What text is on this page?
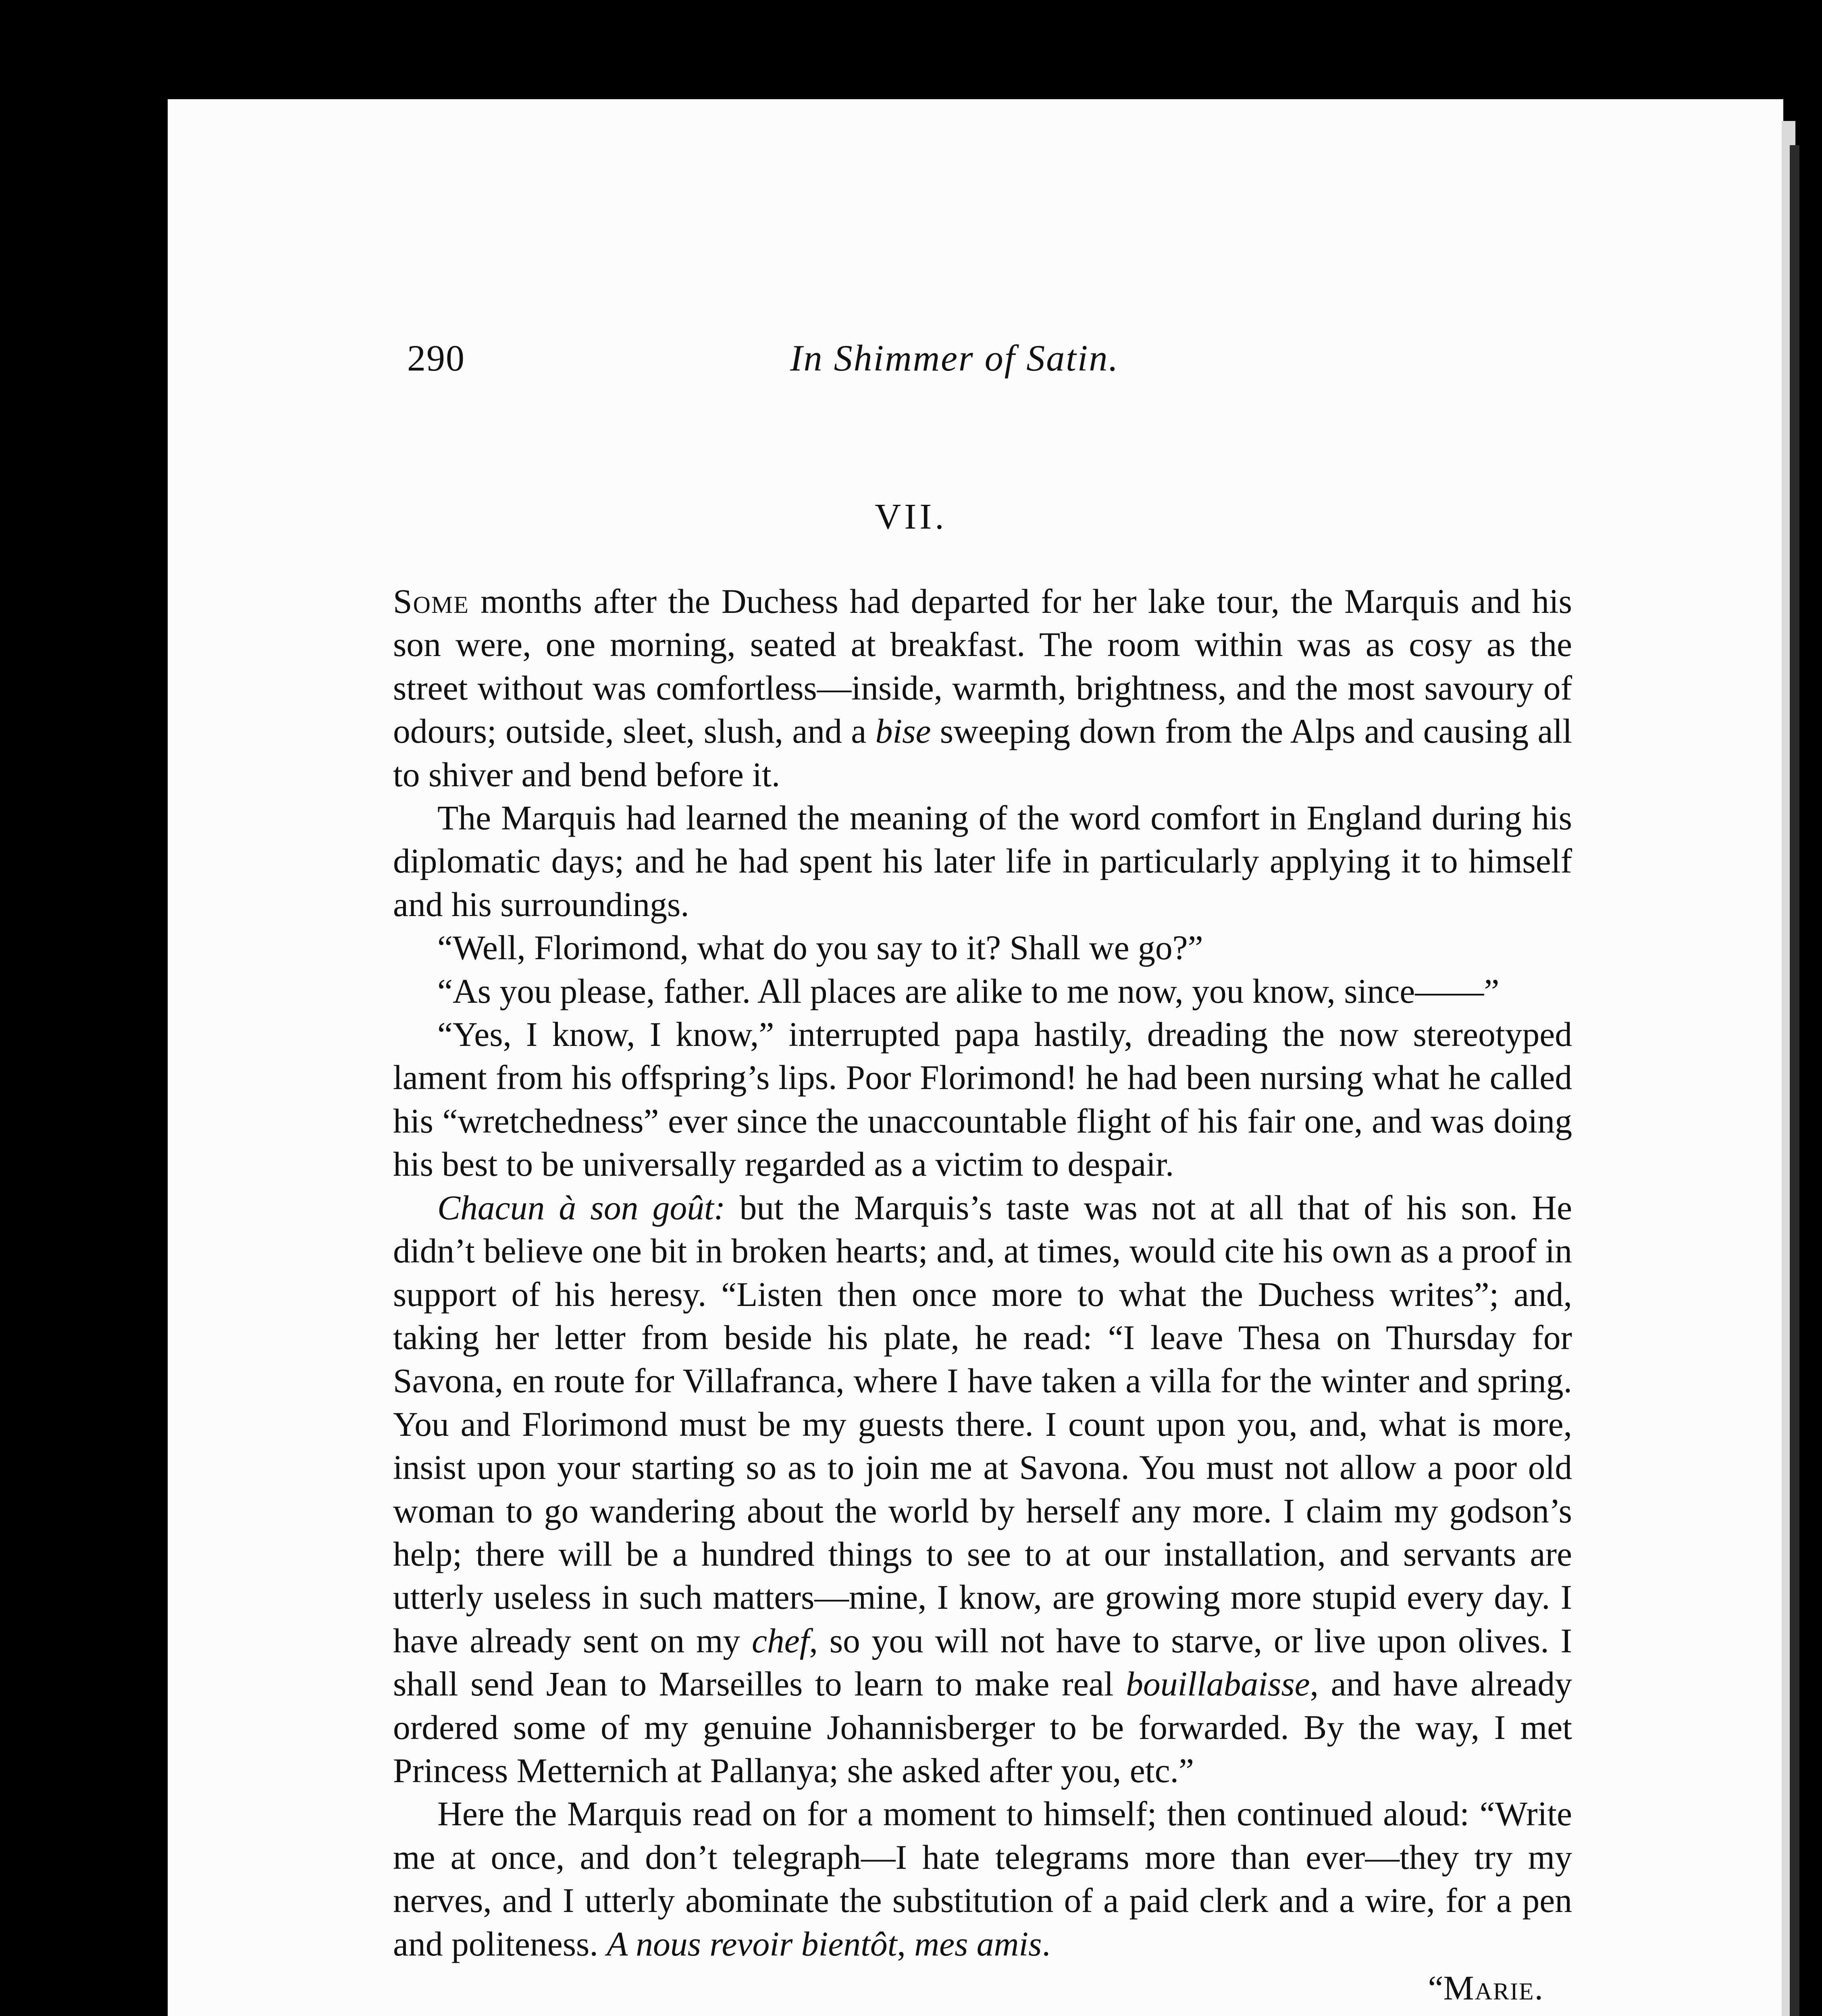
290	In Shimmer of Satin.
VII.

Some months after the Duchess had departed for her lake tour, the Marquis and his son were, one morning, seated at breakfast. The room within was as cosy as the street without was comfortless—inside, warmth, brightness, and the most savoury of odours; outside, sleet, slush, and a bise sweeping down from the Alps and causing all to shiver and bend before it.

The Marquis had learned the meaning of the word comfort in England during his diplomatic days; and he had spent his later life in particularly applying it to himself and his surroundings.

“Well, Florimond, what do you say to it? Shall we go?”

“As you please, father. All places are alike to me now, you know, since——”

“Yes, I know, I know,” interrupted papa hastily, dreading the now stereotyped lament from his offspring’s lips. Poor Florimond! he had been nursing what he called his “wretchedness” ever since the unaccountable flight of his fair one, and was doing his best to be universally regarded as a victim to despair.

Chacun à son goût: but the Marquis’s taste was not at all that of his son. He didn’t believe one bit in broken hearts; and, at times, would cite his own as a proof in support of his heresy. “Listen then once more to what the Duchess writes”; and, taking her letter from beside his plate, he read: “I leave Thesa on Thursday for Savona, en route for Villafranca, where I have taken a villa for the winter and spring. You and Florimond must be my guests there. I count upon you, and, what is more, insist upon your starting so as to join me at Savona. You must not allow a poor old woman to go wandering about the world by herself any more. I claim my godson’s help; there will be a hundred things to see to at our installation, and servants are utterly useless in such matters—mine, I know, are growing more stupid every day. I have already sent on my chef, so you will not have to starve, or live upon olives. I shall send Jean to Marseilles to learn to make real bouillabaisse, and have already ordered some of my genuine Johannisberger to be forwarded. By the way, I met Princess Metternich at Pallanya; she asked after you, etc.”

Here the Marquis read on for a moment to himself; then continued aloud: “Write me at once, and don’t telegraph—I hate telegrams more than ever—they try my nerves, and I utterly abominate the substitution of a paid clerk and a wire, for a pen and politeness. A nous revoir bientôt, mes amis.

“Marie.
